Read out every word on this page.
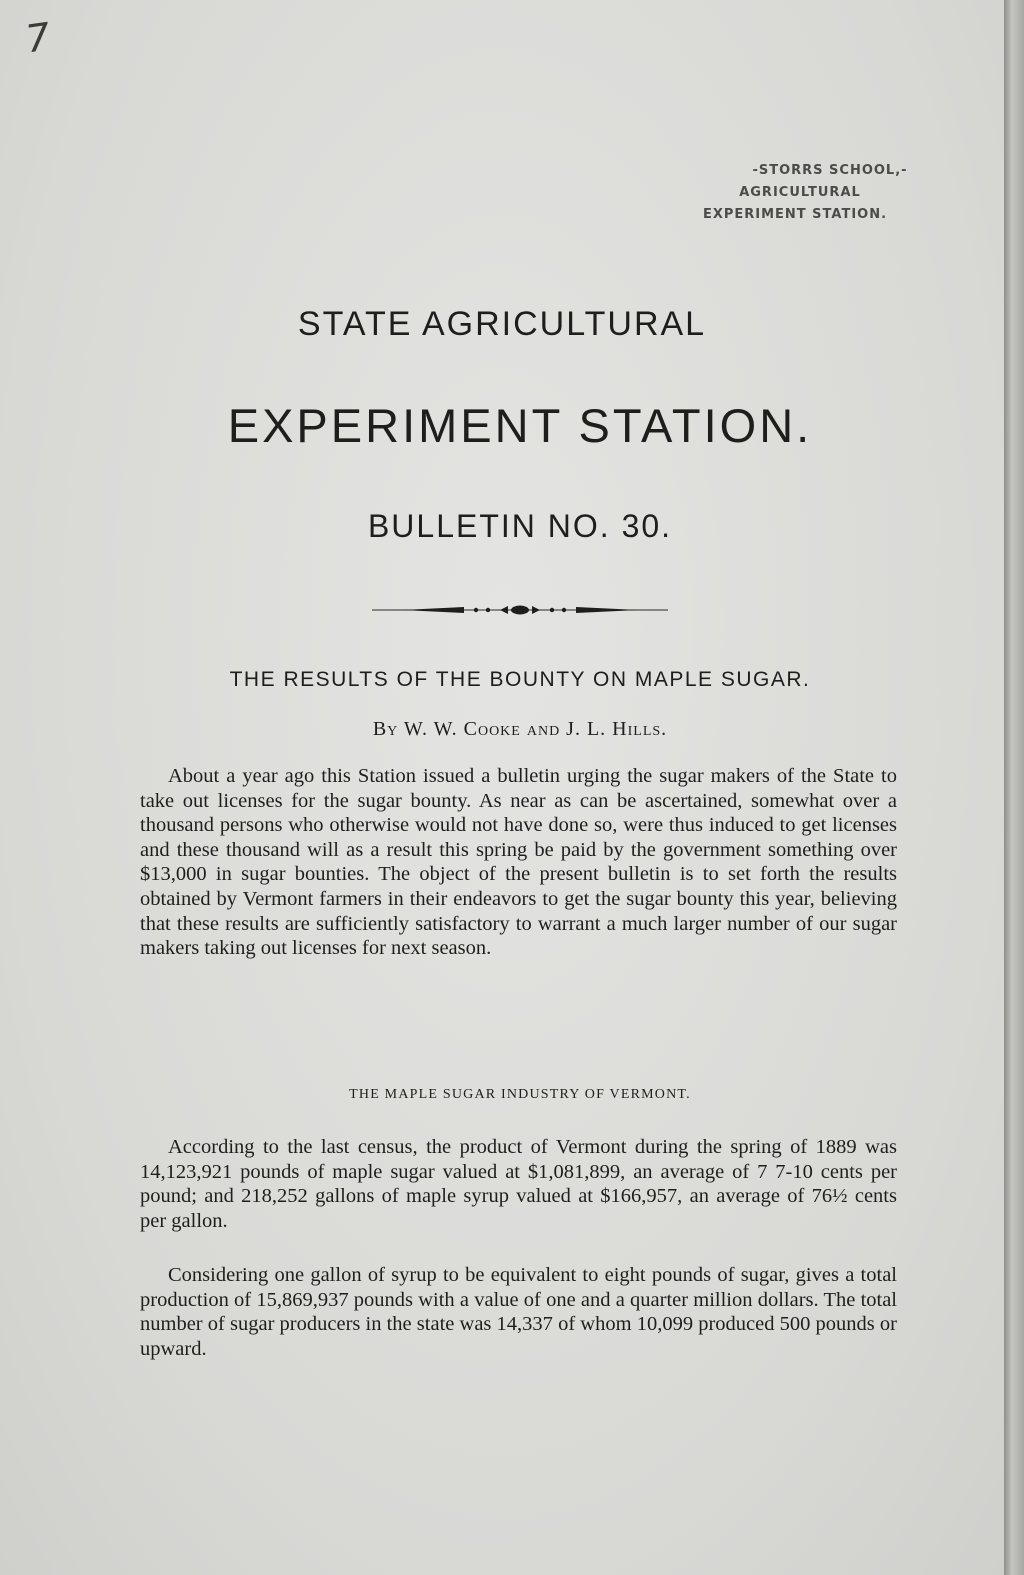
7
-STORRS SCHOOL,-
AGRICULTURAL
EXPERIMENT STATION.
STATE AGRICULTURAL
EXPERIMENT STATION.
BULLETIN NO. 30.
THE RESULTS OF THE BOUNTY ON MAPLE SUGAR.
By W. W. Cooke and J. L. Hills.

About a year ago this Station issued a bulletin urging the sugar makers of the State to take out licenses for the sugar bounty. As near as can be ascertained, somewhat over a thousand persons who otherwise would not have done so, were thus induced to get licenses and these thousand will as a result this spring be paid by the government something over $13,000 in sugar bounties. The object of the present bulletin is to set forth the results obtained by Vermont farmers in their endeavors to get the sugar bounty this year, believing that these results are sufficiently satisfactory to warrant a much larger number of our sugar makers taking out licenses for next season.

THE MAPLE SUGAR INDUSTRY OF VERMONT.

According to the last census, the product of Vermont during the spring of 1889 was 14,123,921 pounds of maple sugar valued at $1,081,899, an average of 7 7-10 cents per pound; and 218,252 gallons of maple syrup valued at $166,957, an average of 76½ cents per gallon.

Considering one gallon of syrup to be equivalent to eight pounds of sugar, gives a total production of 15,869,937 pounds with a value of one and a quarter million dollars. The total number of sugar producers in the state was 14,337 of whom 10,099 produced 500 pounds or upward.
